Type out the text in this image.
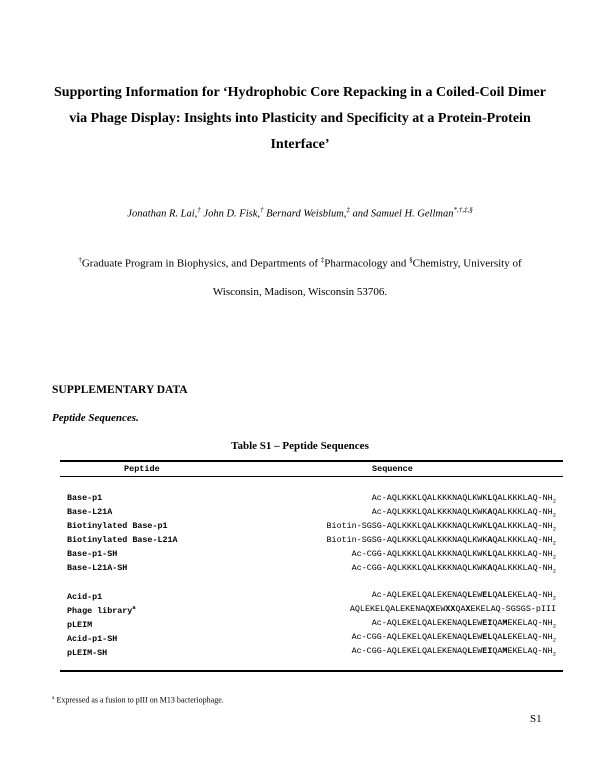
Supporting Information for ‘Hydrophobic Core Repacking in a Coiled-Coil Dimer
via Phage Display: Insights into Plasticity and Specificity at a Protein-Protein
Interface’
Jonathan R. Lai,† John D. Fisk,† Bernard Weisblum,‡ and Samuel H. Gellman*,†,‡,§
†Graduate Program in Biophysics, and Departments of ‡Pharmacology and §Chemistry, University of
Wisconsin, Madison, Wisconsin 53706.
SUPPLEMENTARY DATA
Peptide Sequences.
Table S1 – Peptide Sequences
Peptide	Sequence
Base-p1	$Ac-AQLKKKLQALKKKNAQLKWKLQALKKKLAQ-NH_2$
Base-L21A	$Ac-AQLKKKLQALKKKNAQLKWKAQALKKKLAQ-NH_2$
Biotinylated Base-p1	Biotin-$SGSG-AQLKKKLQALKKKNAQLKWKLQALKKKLAQ-NH_2$
Biotinylated Base-L21A	Biotin-$SGSG-AQLKKKLQALKKKNAQLKWKAQALKKKLAQ-NH_2$
Base-p1-SH	$Ac-CGG-AQLKKKLQALKKKNAQLKWKLQALKKKLAQ-NH_2$
Base-L21A-SH	$Ac-CGG-AQLKKKLQALKKKNAQLKWKAQALKKKLAQ-NH_2$
Acid-p1	$Ac-AQLEKELQALEKENAQLEWELQALEKELAQ-NH_2$
Phage library$^a$	AQLEKELQALEKENAQXEWXXQAXEKELAQ-SGSGS-pIII
pLEIM	$Ac-AQLEKELQALEKENAQLEWEIQAMEKELAQ-NH_2$
Acid-p1-SH	$Ac-CGG-AQLEKELQALEKENAQLEWELQALEKELAQ-NH_2$
pLEIM-SH	$Ac-CGG-AQLEKELQALEKENAQLEWEIQAMEKELAQ-NH_2$
$^a$ Expressed as a fusion to pIII on M13 bacteriophage.
S1
